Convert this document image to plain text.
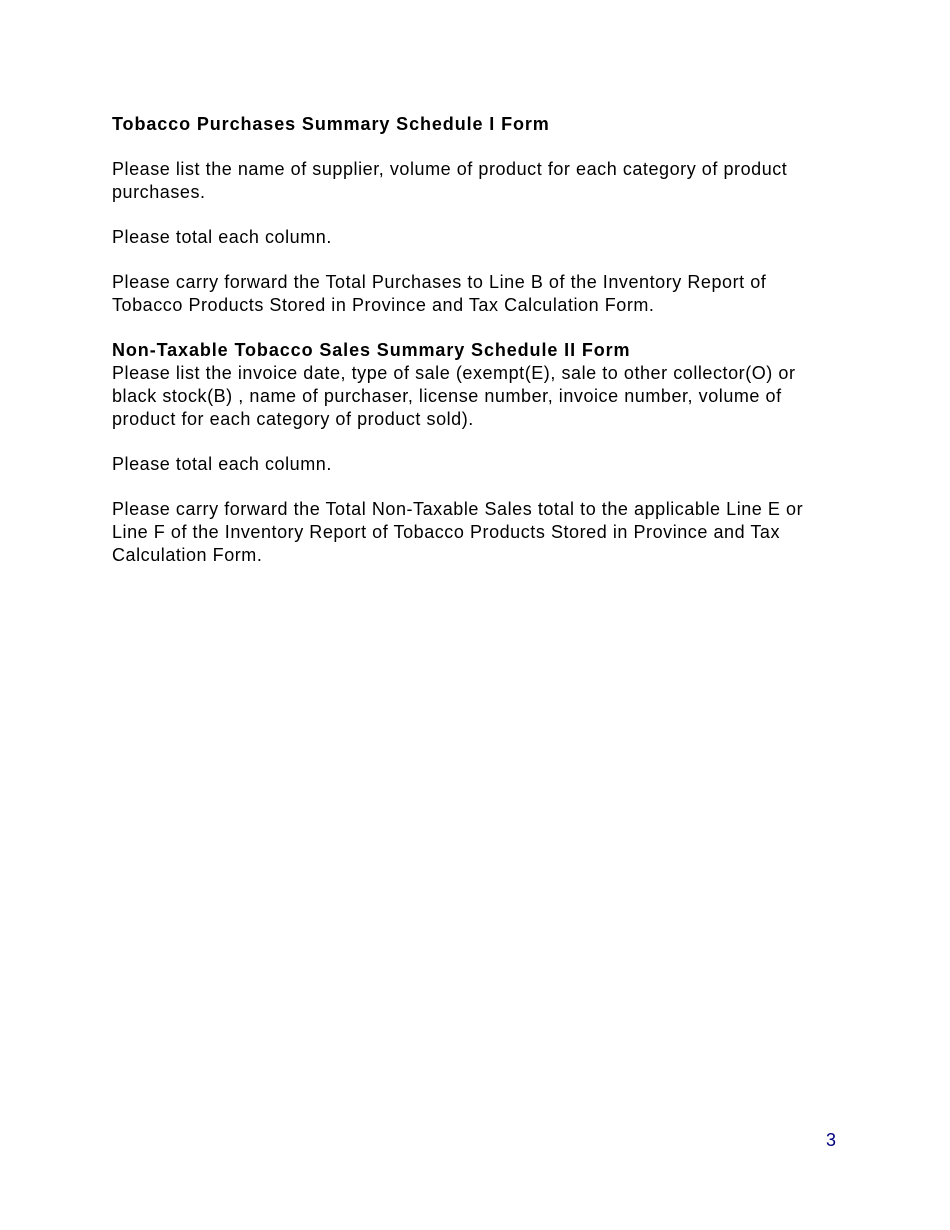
Tobacco Purchases Summary Schedule I Form

Please list the name of supplier, volume of product for each category of product purchases.

Please total each column.

Please carry forward the Total Purchases to Line B of the Inventory Report of Tobacco Products Stored in Province and Tax Calculation Form.

Non-Taxable Tobacco Sales Summary Schedule II Form

Please list the invoice date, type of sale (exempt(E), sale to other collector(O) or black stock(B) , name of purchaser, license number, invoice number, volume of product for each category of product sold).

Please total each column.

Please carry forward the Total Non-Taxable Sales total to the applicable Line E or Line F of the Inventory Report of Tobacco Products Stored in Province and Tax Calculation Form.

3
